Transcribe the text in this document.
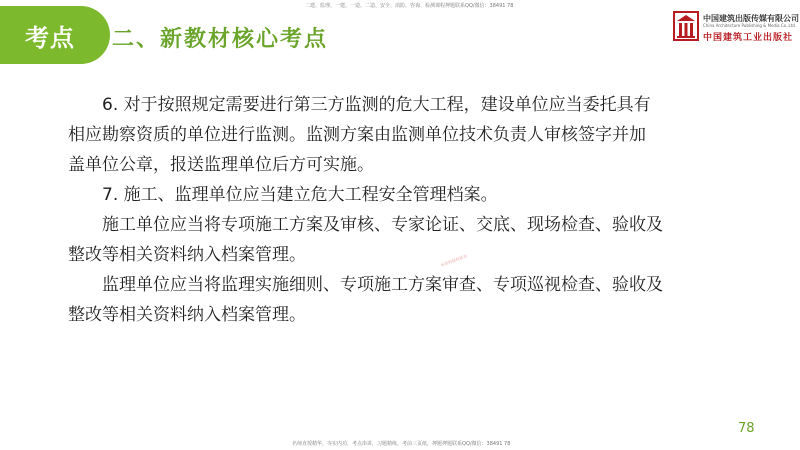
考点	二、新教材核心考点
二建、监理、一建、一造、二造、安全、消防、咨询、检测课程押题联系QQ/微信：38491 78
中国建筑出版传媒有限公司
China Architecture Publishing & Media Co.,Ltd.
中国建筑工业出版社
6. 对于按照规定需要进行第三方监测的危大工程，建设单位应当委托具有
相应勘察资质的单位进行监测。监测方案由监测单位技术负责人审核签字并加
盖单位公章，报送监理单位后方可实施。
7. 施工、监理单位应当建立危大工程安全管理档案。
施工单位应当将专项施工方案及审核、专家论证、交底、现场检查、验收及
整改等相关资料纳入档案管理。
监理单位应当将监理实施细则、专项施工方案审查、专项巡视检查、验收及
整改等相关资料纳入档案管理。
本资料版权所有
78
名师直授精华，夯实内功，考点串讲，习题精练，考前三页纸，押题押题联系QQ/微信：38491 78
